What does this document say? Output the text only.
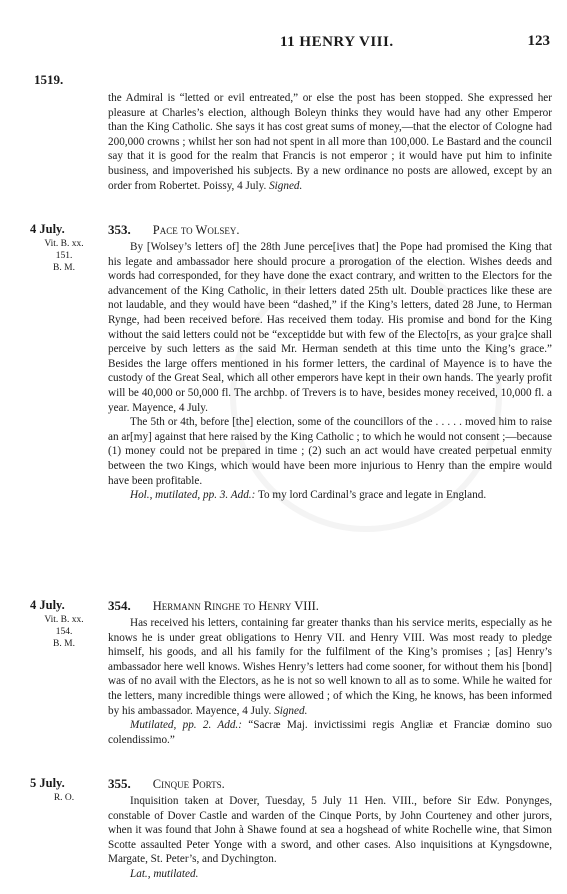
11 HENRY VIII.	123
1519.

the Admiral is “letted or evil entreated,” or else the post has been stopped. She expressed her pleasure at Charles’s election, although Boleyn thinks they would have had any other Emperor than the King Catholic. She says it has cost great sums of money,—that the elector of Cologne had 200,000 crowns ; whilst her son had not spent in all more than 100,000. Le Bastard and the council say that it is good for the realm that Francis is not emperor ; it would have put him to infinite business, and impoverished his subjects. By a new ordinance no posts are allowed, except by an order from Robertet. Poissy, 4 July. Signed.

4 July.
Vit. B. xx.
151.
B. M.
353. Pace to Wolsey.

By [Wolsey’s letters of] the 28th June perce[ives that] the Pope had promised the King that his legate and ambassador here should procure a prorogation of the election. Wishes deeds and words had corresponded, for they have done the exact contrary, and written to the Electors for the advancement of the King Catholic, in their letters dated 25th ult. Double practices like these are not laudable, and they would have been “dashed,” if the King’s letters, dated 28 June, to Herman Rynge, had been received before. Has received them today. His promise and bond for the King without the said letters could not be “exceptidde but with few of the Electo[rs, as your gra]ce shall perceive by such letters as the said Mr. Herman sendeth at this time unto the King’s grace.” Besides the large offers mentioned in his former letters, the cardinal of Mayence is to have the custody of the Great Seal, which all other emperors have kept in their own hands. The yearly profit will be 40,000 or 50,000 fl. The archbp. of Trevers is to have, besides money received, 10,000 fl. a year. Mayence, 4 July.

The 5th or 4th, before [the] election, some of the councillors of the . . . . . moved him to raise an ar[my] against that here raised by the King Catholic ; to which he would not consent ;—because (1) money could not be prepared in time ; (2) such an act would have created perpetual enmity between the two Kings, which would have been more injurious to Henry than the empire would have been profitable.

Hol., mutilated, pp. 3. Add.: To my lord Cardinal’s grace and legate in England.

4 July.
Vit. B. xx.
154.
B. M.
354. Hermann Ringhe to Henry VIII.

Has received his letters, containing far greater thanks than his service merits, especially as he knows he is under great obligations to Henry VII. and Henry VIII. Was most ready to pledge himself, his goods, and all his family for the fulfilment of the King’s promises ; [as] Henry’s ambassador here well knows. Wishes Henry’s letters had come sooner, for without them his [bond] was of no avail with the Electors, as he is not so well known to all as to some. While he waited for the letters, many incredible things were allowed ; of which the King, he knows, has been informed by his ambassador. Mayence, 4 July. Signed.

Mutilated, pp. 2. Add.: “Sacræ Maj. invictissimi regis Angliæ et Franciæ domino suo colendissimo.”

5 July.
R. O.
355. Cinque Ports.

Inquisition taken at Dover, Tuesday, 5 July 11 Hen. VIII., before Sir Edw. Ponynges, constable of Dover Castle and warden of the Cinque Ports, by John Courteney and other jurors, when it was found that John à Shawe found at sea a hogshead of white Rochelle wine, that Simon Scotte assaulted Peter Yonge with a sword, and other cases. Also inquisitions at Kyngsdowne, Margate, St. Peter’s, and Dychington.

Lat., mutilated.
